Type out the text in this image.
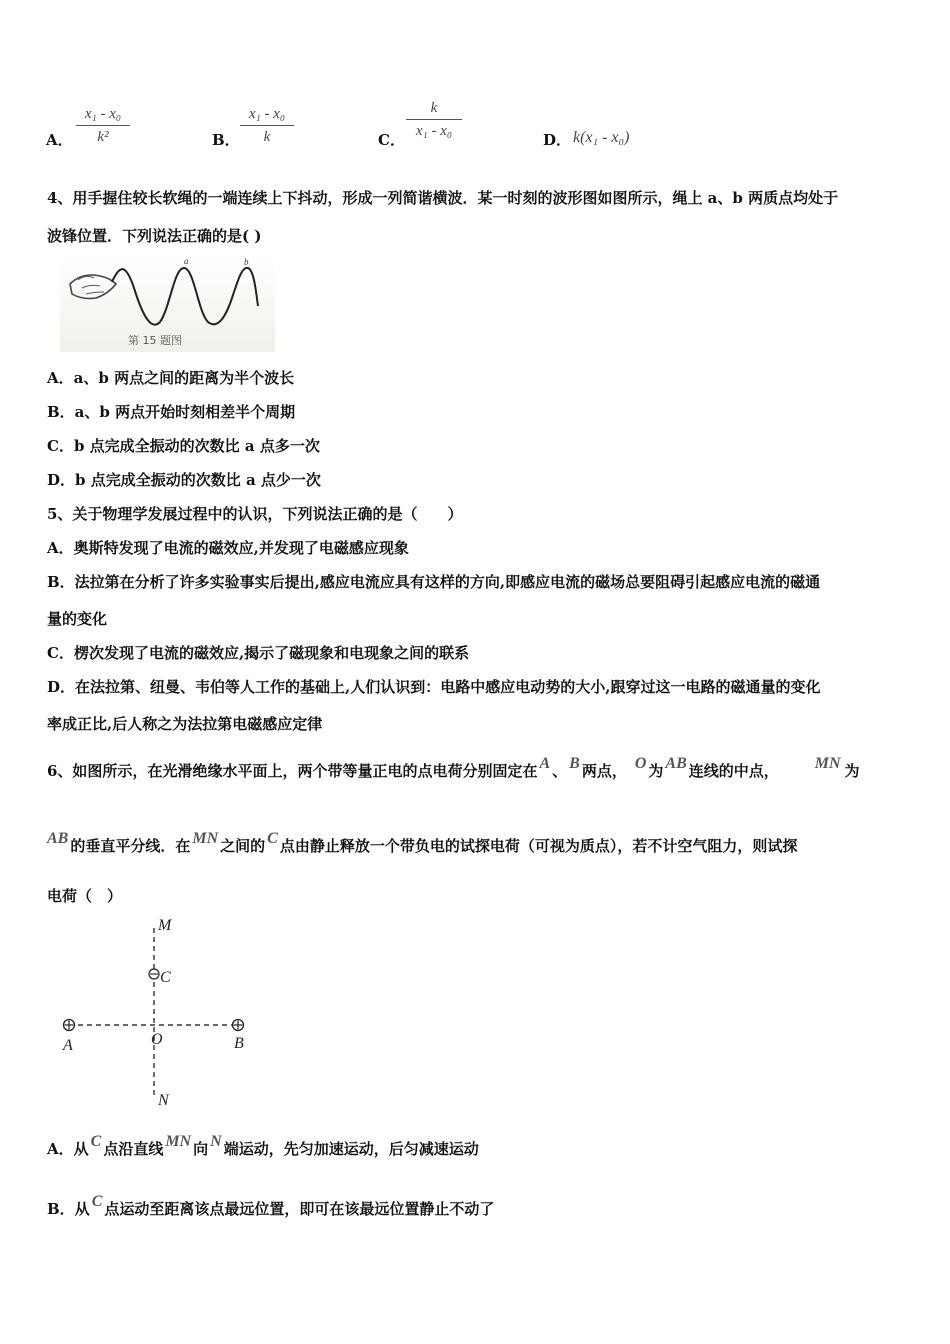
A．
x₁ - x₀
k²	B．
x₁ - x₀
k	C．
k
x₁ - x₀	D． k(x₁ - x₀)
4、用手握住较长软绳的一端连续上下抖动，形成一列简谐横波．某一时刻的波形图如图所示，绳上 a、b 两质点均处于
波锋位置．下列说法正确的是( )
a	b
第 15 题图
A．a、b 两点之间的距离为半个波长
B．a、b 两点开始时刻相差半个周期
C．b 点完成全振动的次数比 a 点多一次
D．b 点完成全振动的次数比 a 点少一次
5、关于物理学发展过程中的认识，下列说法正确的是（　　）
A．奥斯特发现了电流的磁效应,并发现了电磁感应现象
B．法拉第在分析了许多实验事实后提出,感应电流应具有这样的方向,即感应电流的磁场总要阻碍引起感应电流的磁通
量的变化
C．楞次发现了电流的磁效应,揭示了磁现象和电现象之间的联系
D．在法拉第、纽曼、韦伯等人工作的基础上,人们认识到：电路中感应电动势的大小,跟穿过这一电路的磁通量的变化
率成正比,后人称之为法拉第电磁感应定律
6、如图所示，在光滑绝缘水平面上，两个带等量正电的点电荷分别固定在 A 、 B 两点， O 为 AB 连线的中点， MN 为
AB 的垂直平分线．在 MN 之间的 C 点由静止释放一个带负电的试探电荷（可视为质点），若不计空气阻力，则试探
电荷（　）
M
C
A	O	B
N
A．从 C 点沿直线 MN 向 N 端运动，先匀加速运动，后匀减速运动
B．从 C 点运动至距离该点最远位置，即可在该最远位置静止不动了
